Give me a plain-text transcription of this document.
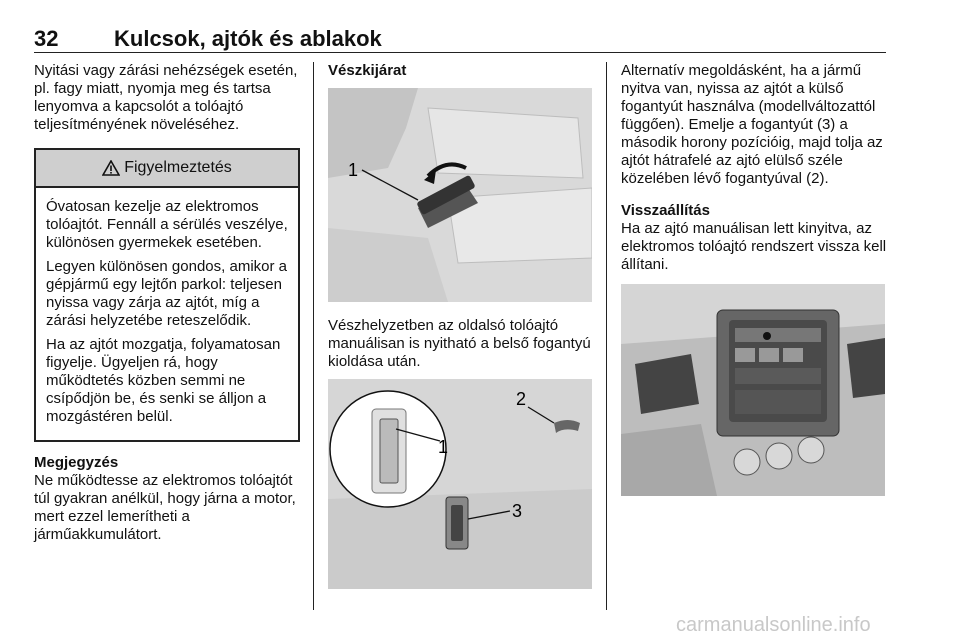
32	Kulcsok, ajtók és ablakok

Nyitási vagy zárási nehézségek esetén, pl. fagy miatt, nyomja meg és tartsa lenyomva a kapcsolót a tolóajtó teljesítményének növeléséhez.

Figyelmeztetés

Óvatosan kezelje az elektromos tolóajtót. Fennáll a sérülés veszélye, különösen gyermekek esetében.

Legyen különösen gondos, amikor a gépjármű egy lejtőn parkol: teljesen nyissa vagy zárja az ajtót, míg a zárási helyzetébe reteszelődik.

Ha az ajtót mozgatja, folyamatosan figyelje. Ügyeljen rá, hogy működtetés közben semmi ne csípődjön be, és senki se álljon a mozgástéren belül.

Megjegyzés

Ne működtesse az elektromos tolóajtót túl gyakran anélkül, hogy járna a motor, mert ezzel lemerítheti a járműakkumulátort.

Vészkijárat

1

Vészhelyzetben az oldalsó tolóajtó manuálisan is nyitható a belső fogantyú kioldása után.

1
2
3

Alternatív megoldásként, ha a jármű nyitva van, nyissa az ajtót a külső fogantyút használva (modellváltozattól függően). Emelje a fogantyút (3) a második horony pozícióig, majd tolja az ajtót hátrafelé az ajtó elülső széle közelében lévő fogantyúval (2).

Visszaállítás

Ha az ajtó manuálisan lett kinyitva, az elektromos tolóajtó rendszert vissza kell állítani.

carmanualsonline.info
